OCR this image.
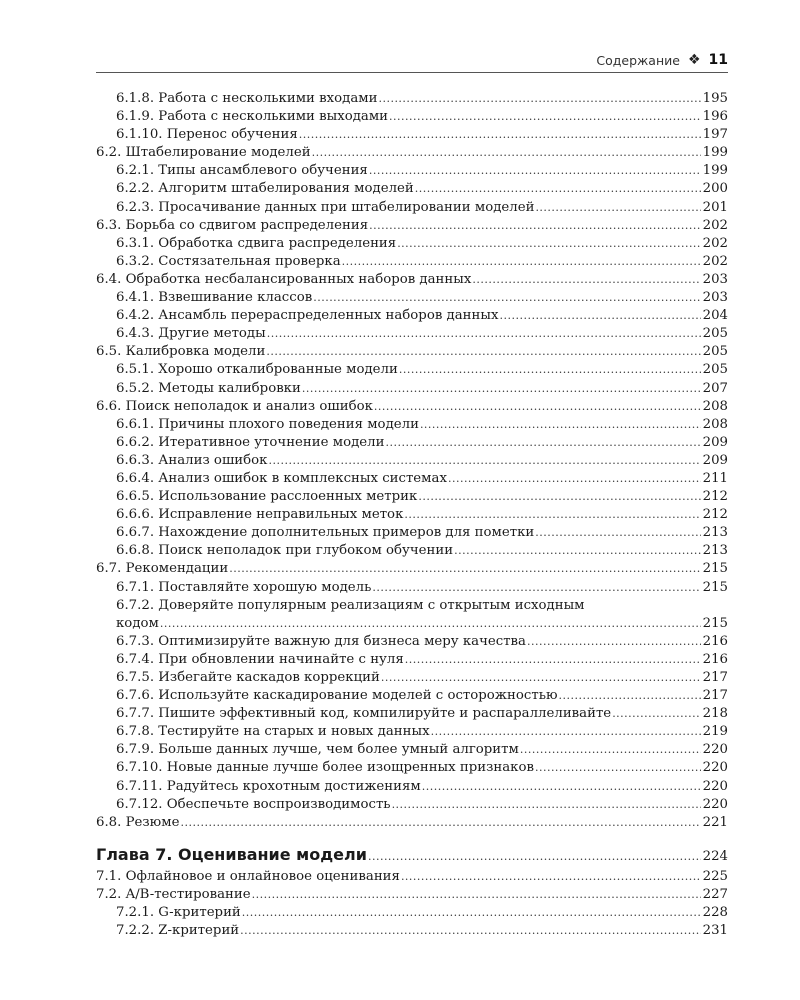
Содержание ❖ 11
6.1.8. Работа с несколькими входами .....	195
6.1.9. Работа с несколькими выходами .....	196
6.1.10. Перенос обучения .....	197
6.2. Штабелирование моделей .....	199
6.2.1. Типы ансамблевого обучения .....	199
6.2.2. Алгоритм штабелирования моделей .....	200
6.2.3. Просачивание данных при штабелировании моделей .....	201
6.3. Борьба со сдвигом распределения .....	202
6.3.1. Обработка сдвига распределения .....	202
6.3.2. Состязательная проверка .....	202
6.4. Обработка несбалансированных наборов данных .....	203
6.4.1. Взвешивание классов .....	203
6.4.2. Ансамбль перераспределенных наборов данных .....	204
6.4.3. Другие методы .....	205
6.5. Калибровка модели .....	205
6.5.1. Хорошо откалиброванные модели .....	205
6.5.2. Методы калибровки .....	207
6.6. Поиск неполадок и анализ ошибок .....	208
6.6.1. Причины плохого поведения модели .....	208
6.6.2. Итеративное уточнение модели .....	209
6.6.3. Анализ ошибок .....	209
6.6.4. Анализ ошибок в комплексных системах .....	211
6.6.5. Использование расслоенных метрик .....	212
6.6.6. Исправление неправильных меток .....	212
6.6.7. Нахождение дополнительных примеров для пометки .....	213
6.6.8. Поиск неполадок при глубоком обучении .....	213
6.7. Рекомендации .....	215
6.7.1. Поставляйте хорошую модель .....	215
6.7.2. Доверяйте популярным реализациям с открытым исходным
кодом .....	215
6.7.3. Оптимизируйте важную для бизнеса меру качества .....	216
6.7.4. При обновлении начинайте с нуля .....	216
6.7.5. Избегайте каскадов коррекций .....	217
6.7.6. Используйте каскадирование моделей с осторожностью .....	217
6.7.7. Пишите эффективный код, компилируйте и распараллеливайте .....	218
6.7.8. Тестируйте на старых и новых данных .....	219
6.7.9. Больше данных лучше, чем более умный алгоритм .....	220
6.7.10. Новые данные лучше более изощренных признаков .....	220
6.7.11. Радуйтесь крохотным достижениям .....	220
6.7.12. Обеспечьте воспроизводимость .....	220
6.8. Резюме .....	221
Глава 7. Оценивание модели .....	224
7.1. Офлайновое и онлайновое оценивания .....	225
7.2. A/B-тестирование .....	227
7.2.1. G-критерий .....	228
7.2.2. Z-критерий .....	231
